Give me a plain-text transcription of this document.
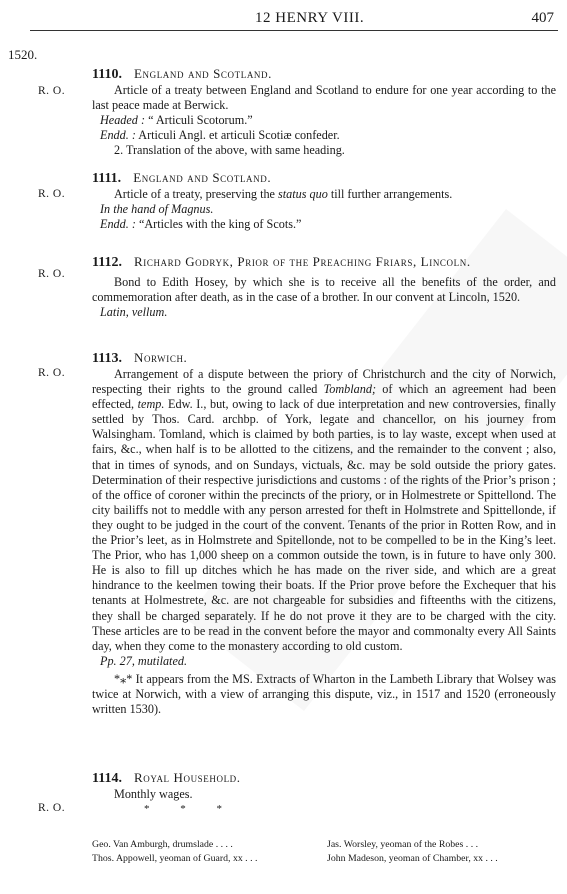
12 HENRY VIII.	407
1520.
R. O.
1110. England and Scotland.
Article of a treaty between England and Scotland to endure for one year according to the last peace made at Berwick.
Headed : “ Articuli Scotorum.”
Endd. : Articuli Angl. et articuli Scotiæ confeder.
2. Translation of the above, with same heading.
R. O.
1111. England and Scotland.
Article of a treaty, preserving the status quo till further arrangements.
In the hand of Magnus.
Endd. : “Articles with the king of Scots.”
R. O.
1112. Richard Godryk, Prior of the Preaching Friars, Lincoln.
Bond to Edith Hosey, by which she is to receive all the benefits of the order, and commemoration after death, as in the case of a brother. In our convent at Lincoln, 1520.
Latin, vellum.
R. O.
1113. Norwich.
Arrangement of a dispute between the priory of Christchurch and the city of Norwich, respecting their rights to the ground called Tombland; of which an agreement had been effected, temp. Edw. I., but, owing to lack of due interpretation and new controversies, finally settled by Thos. Card. archbp. of York, legate and chancellor, on his journey from Walsingham. Tomland, which is claimed by both parties, is to lay waste, except when used at fairs, &c., when half is to be allotted to the citizens, and the remainder to the convent ; also, that in times of synods, and on Sundays, victuals, &c. may be sold outside the priory gates. Determination of their respective jurisdictions and customs : of the rights of the Prior’s prison ; of the office of coroner within the precincts of the priory, or in Holmestrete or Spittellond. The city bailiffs not to meddle with any person arrested for theft in Holmstrete and Spittellonde, if they ought to be judged in the court of the convent. Tenants of the prior in Rotten Row, and in the Prior’s leet, as in Holmstrete and Spitellonde, not to be compelled to be in the King’s leet. The Prior, who has 1,000 sheep on a common outside the town, is in future to have only 300. He is also to fill up ditches which he has made on the river side, and which are a great hindrance to the keelmen towing their boats. If the Prior prove before the Exchequer that his tenants at Holmestrete, &c. are not chargeable for subsidies and fifteenths with the citizens, they shall be charged separately. If he do not prove it they are to be charged with the city. These articles are to be read in the convent before the mayor and commonalty every All Saints day, when they come to the monastery according to old custom.
Pp. 27, mutilated.
*⁎* It appears from the MS. Extracts of Wharton in the Lambeth Library that Wolsey was twice at Norwich, with a view of arranging this dispute, viz., in 1517 and 1520 (erroneously written 1530).
R. O.
1114. Royal Household.
Monthly wages.
* * *
Geo. Van Amburgh, drumslade . . . .	Jas. Worsley, yeoman of the Robes . . .
Thos. Appowell, yeoman of Guard, xx . . .	John Madeson, yeoman of Chamber, xx . . .
